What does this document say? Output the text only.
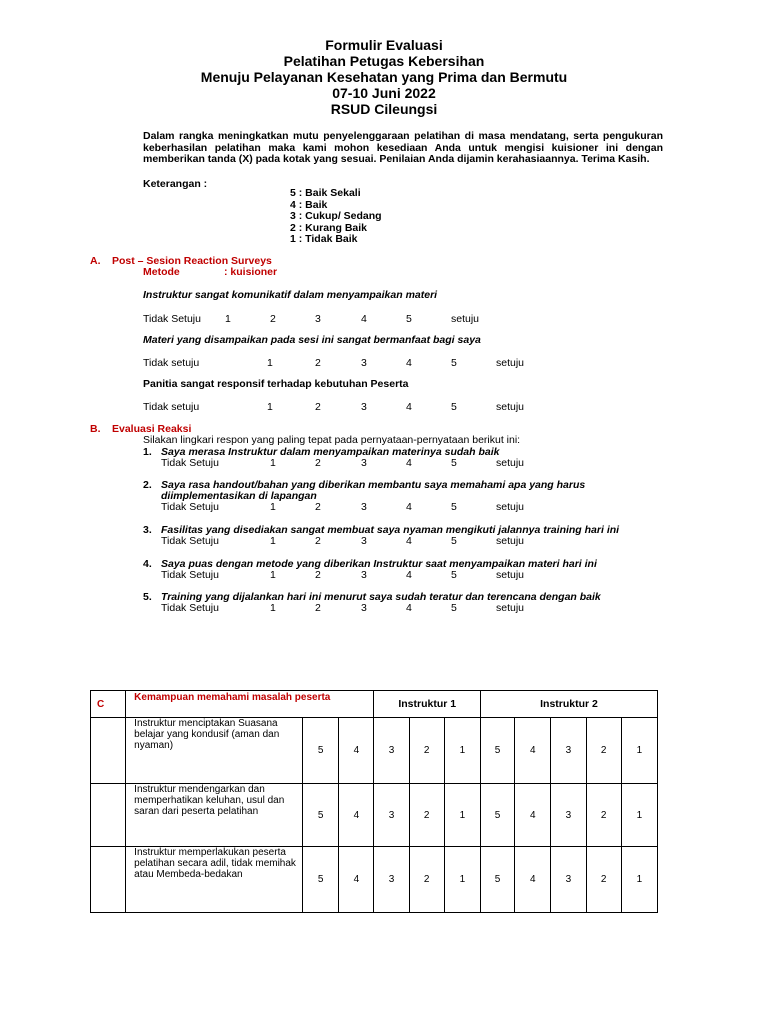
Formulir Evaluasi
Pelatihan Petugas Kebersihan
Menuju Pelayanan Kesehatan yang Prima dan Bermutu
07-10 Juni 2022
RSUD Cileungsi
Dalam rangka meningkatkan mutu penyelenggaraan pelatihan di masa mendatang, serta pengukuran keberhasilan pelatihan maka kami mohon kesediaan Anda untuk mengisi kuisioner ini dengan memberikan tanda (X) pada kotak yang sesuai. Penilaian Anda dijamin kerahasiaannya. Terima Kasih.
Keterangan :
5 : Baik Sekali
4 : Baik
3 : Cukup/ Sedang
2 : Kurang Baik
1 : Tidak Baik
A. Post – Sesion Reaction Surveys
Metode	: kuisioner
Instruktur sangat komunikatif dalam menyampaikan materi
Tidak Setuju 1	2	3	4	5	setuju
Materi yang disampaikan pada sesi ini sangat bermanfaat bagi saya
Tidak setuju	1	2	3	4	5	setuju
Panitia sangat responsif terhadap kebutuhan Peserta
Tidak setuju	1	2	3	4	5	setuju
B. Evaluasi Reaksi
Silakan lingkari respon yang paling tepat pada pernyataan-pernyataan berikut ini:
1. Saya merasa Instruktur dalam menyampaikan materinya sudah baik
Tidak Setuju	1	2	3	4	5	setuju
2. Saya rasa handout/bahan yang diberikan membantu saya memahami apa yang harus
diimplementasikan di lapangan
Tidak Setuju	1	2	3	4	5	setuju
3. Fasilitas yang disediakan sangat membuat saya nyaman mengikuti jalannya training hari ini
Tidak Setuju	1	2	3	4	5	setuju
4. Saya puas dengan metode yang diberikan Instruktur saat menyampaikan materi hari ini
Tidak Setuju	1	2	3	4	5	setuju
5. Training yang dijalankan hari ini menurut saya sudah teratur dan terencana dengan baik
Tidak Setuju	1	2	3	4	5	setuju
C	Kemampuan memahami masalah peserta			Instruktur 1			Instruktur 2				
	Instruktur menciptakan Suasana belajar yang kondusif (aman dan nyaman)	5	4	3	2	1	5	4	3	2	1
	Instruktur mendengarkan dan memperhatikan keluhan, usul dan saran dari peserta pelatihan	5	4	3	2	1	5	4	3	2	1
	Instruktur memperlakukan peserta pelatihan secara adil, tidak memihak atau Membeda-bedakan	5	4	3	2	1	5	4	3	2	1
